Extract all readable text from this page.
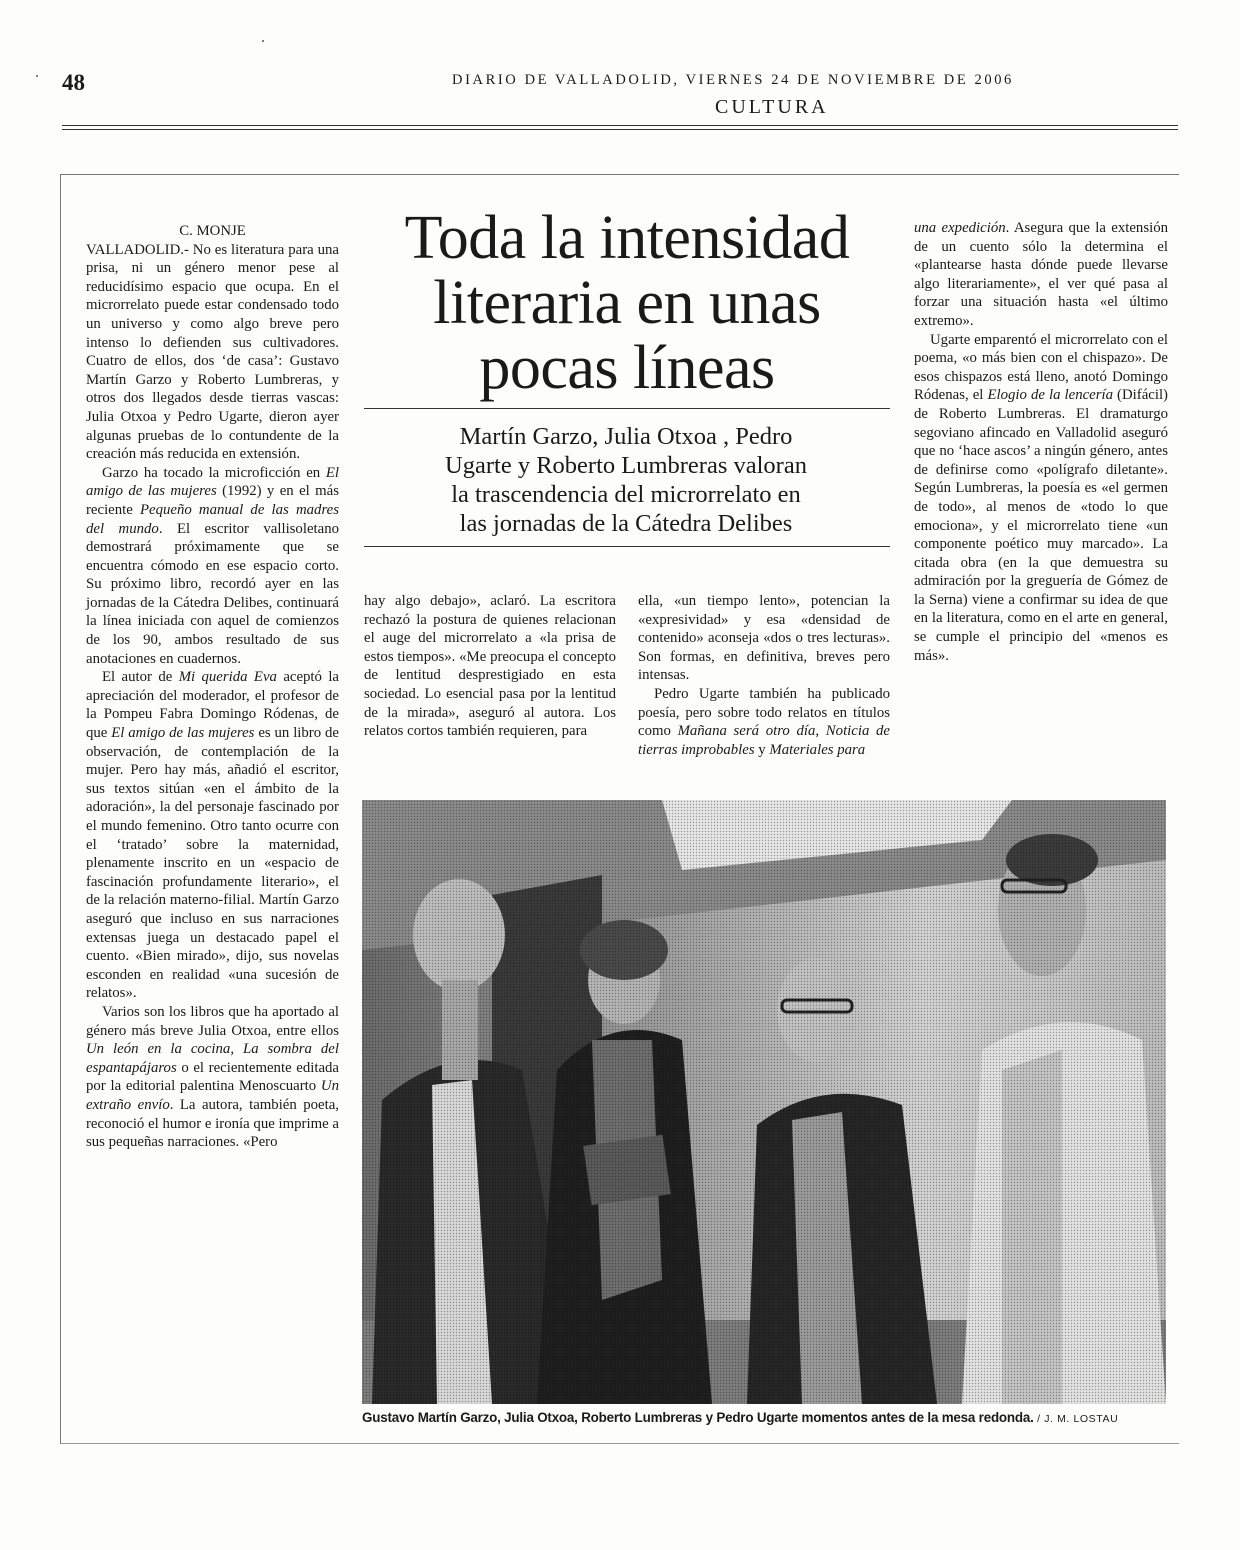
48	DIARIO DE VALLADOLID, VIERNES 24 DE NOVIEMBRE DE 2006
CULTURA
Toda la intensidad
literaria en unas
pocas líneas
Martín Garzo, Julia Otxoa , Pedro
Ugarte y Roberto Lumbreras valoran
la trascendencia del microrrelato en
las jornadas de la Cátedra Delibes

C. MONJE

VALLADOLID.- No es literatura para una prisa, ni un género menor pese al reducidísimo espacio que ocupa. En el microrrelato puede estar condensado todo un universo y como algo breve pero intenso lo defienden sus cultivadores. Cuatro de ellos, dos ‘de casa’: Gustavo Martín Garzo y Roberto Lumbreras, y otros dos llegados desde tierras vascas: Julia Otxoa y Pedro Ugarte, dieron ayer algunas pruebas de lo contundente de la creación más reducida en extensión.

Garzo ha tocado la microficción en El amigo de las mujeres (1992) y en el más reciente Pequeño manual de las madres del mundo. El escritor vallisoletano demostrará próximamente que se encuentra cómodo en ese espacio corto. Su próximo libro, recordó ayer en las jornadas de la Cátedra Delibes, continuará la línea iniciada con aquel de comienzos de los 90, ambos resultado de sus anotaciones en cuadernos.

El autor de Mi querida Eva aceptó la apreciación del moderador, el profesor de la Pompeu Fabra Domingo Ródenas, de que El amigo de las mujeres es un libro de observación, de contemplación de la mujer. Pero hay más, añadió el escritor, sus textos sitúan «en el ámbito de la adoración», la del personaje fascinado por el mundo femenino. Otro tanto ocurre con el ‘tratado’ sobre la maternidad, plenamente inscrito en un «espacio de fascinación profundamente literario», el de la relación materno-filial. Martín Garzo aseguró que incluso en sus narraciones extensas juega un destacado papel el cuento. «Bien mirado», dijo, sus novelas esconden en realidad «una sucesión de relatos».

Varios son los libros que ha aportado al género más breve Julia Otxoa, entre ellos Un león en la cocina, La sombra del espantapájaros o el recientemente editada por la editorial palentina Menoscuarto Un extraño envío. La autora, también poeta, reconoció el humor e ironía que imprime a sus pequeñas narraciones. «Pero

hay algo debajo», aclaró. La escritora rechazó la postura de quienes relacionan el auge del microrrelato a «la prisa de estos tiempos». «Me preocupa el concepto de lentitud desprestigiado en esta sociedad. Lo esencial pasa por la lentitud de la mirada», aseguró al autora. Los relatos cortos también requieren, para

ella, «un tiempo lento», potencian la «expresividad» y esa «densidad de contenido» aconseja «dos o tres lecturas». Son formas, en definitiva, breves pero intensas.

Pedro Ugarte también ha publicado poesía, pero sobre todo relatos en títulos como Mañana será otro día, Noticia de tierras improbables y Materiales para

una expedición. Asegura que la extensión de un cuento sólo la determina el «plantearse hasta dónde puede llevarse algo literariamente», el ver qué pasa al forzar una situación hasta «el último extremo».

Ugarte emparentó el microrrelato con el poema, «o más bien con el chispazo». De esos chispazos está lleno, anotó Domingo Ródenas, el Elogio de la lencería (Difácil) de Roberto Lumbreras. El dramaturgo segoviano afincado en Valladolid aseguró que no ‘hace ascos’ a ningún género, antes de definirse como «polígrafo diletante». Según Lumbreras, la poesía es «el germen de todo», al menos de «todo lo que emociona», y el microrrelato tiene «un componente poético muy marcado». La citada obra (en la que demuestra su admiración por la greguería de Gómez de la Serna) viene a confirmar su idea de que en la literatura, como en el arte en general, se cumple el principio del «menos es más».

Gustavo Martín Garzo, Julia Otxoa, Roberto Lumbreras y Pedro Ugarte momentos antes de la mesa redonda. / J. M. LOSTAU
